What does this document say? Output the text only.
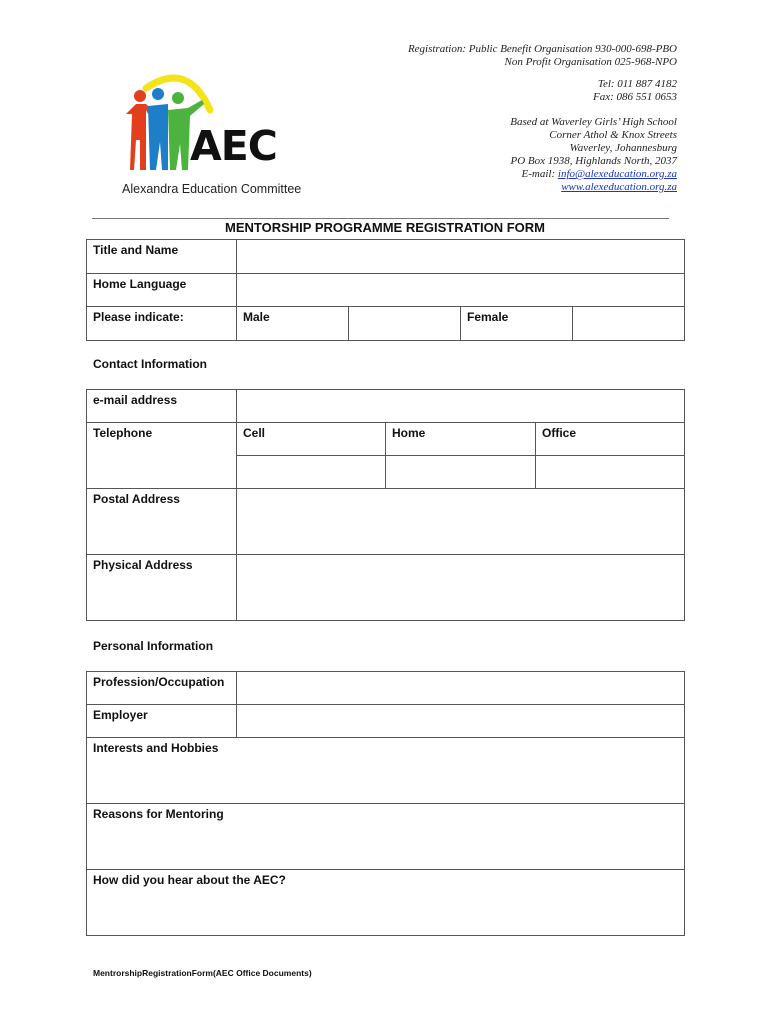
AEC
Alexandra Education Committee
Registration: Public Benefit Organisation 930-000-698-PBO
Non Profit Organisation 025-968-NPO
Tel: 011 887 4182
Fax: 086 551 0653
Based at Waverley Girls’ High School
Corner Athol & Knox Streets
Waverley, Johannesburg
PO Box 1938, Highlands North, 2037
E-mail: info@alexeducation.org.za
www.alexeducation.org.za
MENTORSHIP PROGRAMME REGISTRATION FORM
Title and Name				

Home Language				

Please indicate:	Male		Female	

Contact Information
e-mail address			

Telephone	Cell	Home	Office

Postal Address			

Physical Address			

Personal Information
Profession/Occupation	

Employer	

Interests and Hobbies	

Reasons for Mentoring	

How did you hear about the AEC?	
MentrorshipRegistrationForm(AEC Office Documents)
